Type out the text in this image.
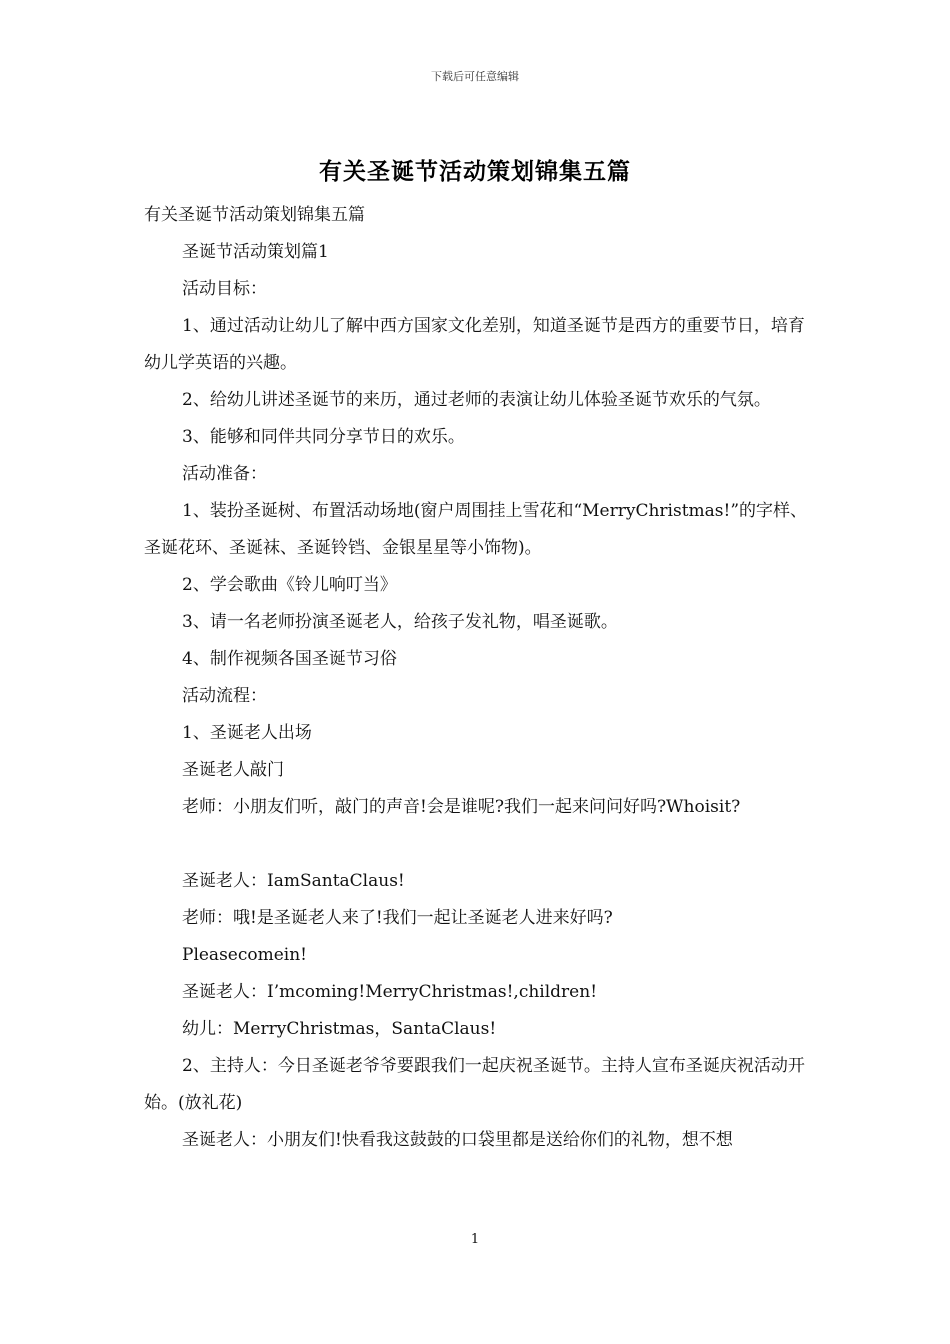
下载后可任意编辑
有关圣诞节活动策划锦集五篇

有关圣诞节活动策划锦集五篇

圣诞节活动策划篇1

活动目标：

1、通过活动让幼儿了解中西方国家文化差别，知道圣诞节是西方的重要节日，培育幼儿学英语的兴趣。

2、给幼儿讲述圣诞节的来历，通过老师的表演让幼儿体验圣诞节欢乐的气氛。

3、能够和同伴共同分享节日的欢乐。

活动准备：

1、装扮圣诞树、布置活动场地(窗户周围挂上雪花和“MerryChristmas!”的字样、圣诞花环、圣诞袜、圣诞铃铛、金银星星等小饰物)。

2、学会歌曲《铃儿响叮当》

3、请一名老师扮演圣诞老人，给孩子发礼物，唱圣诞歌。

4、制作视频各国圣诞节习俗

活动流程：

1、圣诞老人出场

圣诞老人敲门

老师：小朋友们听，敲门的声音!会是谁呢?我们一起来问问好吗?Whoisit?

圣诞老人：IamSantaClaus!

老师：哦!是圣诞老人来了!我们一起让圣诞老人进来好吗?

Pleasecomein!

圣诞老人：I’mcoming!MerryChristmas!,children!

幼儿：MerryChristmas，SantaClaus!

2、主持人：今日圣诞老爷爷要跟我们一起庆祝圣诞节。主持人宣布圣诞庆祝活动开始。(放礼花)

圣诞老人：小朋友们!快看我这鼓鼓的口袋里都是送给你们的礼物，想不想

1
